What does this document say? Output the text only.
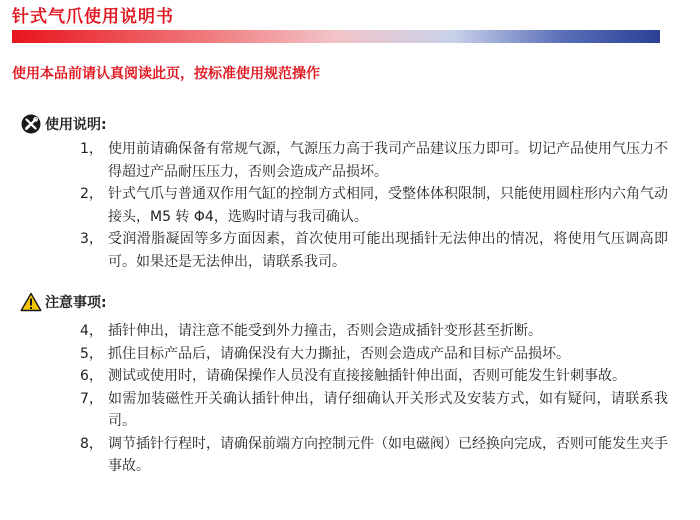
针式气爪使用说明书
使用本品前请认真阅读此页，按标准使用规范操作
使用说明:
1， 使用前请确保备有常规气源，气源压力高于我司产品建议压力即可。切记产品使用气压力不得超过产品耐压压力，否则会造成产品损坏。
2， 针式气爪与普通双作用气缸的控制方式相同，受整体体积限制，只能使用圆柱形内六角气动接头，M5 转 Φ4，选购时请与我司确认。
3， 受润滑脂凝固等多方面因素，首次使用可能出现插针无法伸出的情况，将使用气压调高即可。如果还是无法伸出，请联系我司。
注意事项:
4， 插针伸出，请注意不能受到外力撞击，否则会造成插针变形甚至折断。
5， 抓住目标产品后，请确保没有大力撕扯，否则会造成产品和目标产品损坏。
6， 测试或使用时，请确保操作人员没有直接接触插针伸出面，否则可能发生针刺事故。
7， 如需加装磁性开关确认插针伸出，请仔细确认开关形式及安装方式，如有疑问，请联系我司。
8， 调节插针行程时，请确保前端方向控制元件（如电磁阀）已经换向完成，否则可能发生夹手事故。
